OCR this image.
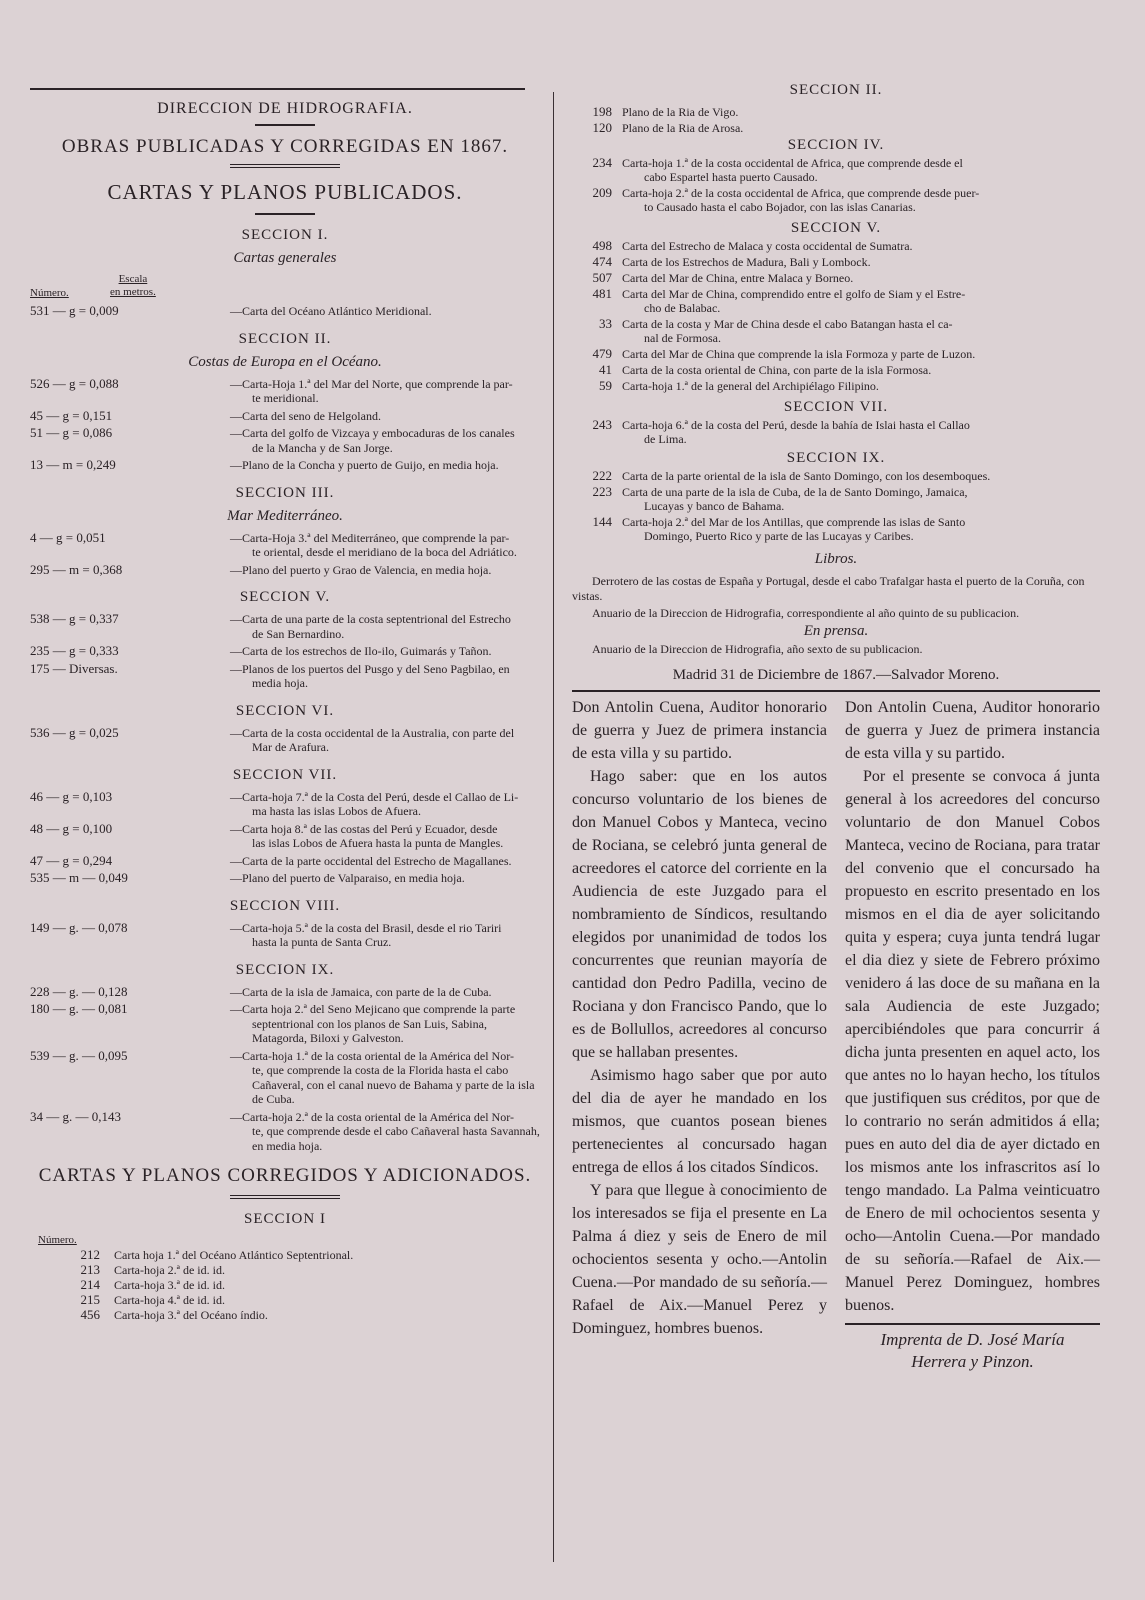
DIRECCION DE HIDROGRAFIA.
OBRAS PUBLICADAS Y CORREGIDAS EN 1867.
CARTAS Y PLANOS PUBLICADOS.
SECCION I.
Cartas generales
Número.
Escala
en metros.
531 — g = 0,009	—Carta del Océano Atlántico Meridional.
SECCION II.
Costas de Europa en el Océano.
526 — g = 0,088	—Carta-Hoja 1.ª del Mar del Norte, que comprende la par-
te meridional.
45 — g = 0,151	—Carta del seno de Helgoland.
51 — g = 0,086	—Carta del golfo de Vizcaya y embocaduras de los canales
de la Mancha y de San Jorge.
13 — m = 0,249	—Plano de la Concha y puerto de Guijo, en media hoja.
SECCION III.
Mar Mediterráneo.
4 — g = 0,051	—Carta-Hoja 3.ª del Mediterráneo, que comprende la par-
te oriental, desde el meridiano de la boca del Adriático.
295 — m = 0,368	—Plano del puerto y Grao de Valencia, en media hoja.
SECCION V.
538 — g = 0,337	—Carta de una parte de la costa septentrional del Estrecho
de San Bernardino.
235 — g = 0,333	—Carta de los estrechos de Ilo-ilo, Guimarás y Tañon.
175 — Diversas.	—Planos de los puertos del Pusgo y del Seno Pagbilao, en
media hoja.
SECCION VI.
536 — g = 0,025	—Carta de la costa occidental de la Australia, con parte del
Mar de Arafura.
SECCION VII.
46 — g = 0,103	—Carta-hoja 7.ª de la Costa del Perú, desde el Callao de Li-
ma hasta las islas Lobos de Afuera.
48 — g = 0,100	—Carta hoja 8.ª de las costas del Perú y Ecuador, desde
las islas Lobos de Afuera hasta la punta de Mangles.
47 — g = 0,294	—Carta de la parte occidental del Estrecho de Magallanes.
535 — m — 0,049	—Plano del puerto de Valparaiso, en media hoja.
SECCION VIII.
149 — g. — 0,078	—Carta-hoja 5.ª de la costa del Brasil, desde el rio Tariri
hasta la punta de Santa Cruz.
SECCION IX.
228 — g. — 0,128	—Carta de la isla de Jamaica, con parte de la de Cuba.
180 — g. — 0,081	—Carta hoja 2.ª del Seno Mejicano que comprende la parte
septentrional con los planos de San Luis, Sabina, Matagorda, Biloxi y Galveston.
539 — g. — 0,095	—Carta-hoja 1.ª de la costa oriental de la América del Nor-
te, que comprende la costa de la Florida hasta el cabo Cañaveral, con el canal nuevo de Bahama y parte de la isla de Cuba.
34 — g. — 0,143	—Carta-hoja 2.ª de la costa oriental de la América del Nor-
te, que comprende desde el cabo Cañaveral hasta Savannah, en media hoja.
CARTAS Y PLANOS CORREGIDOS Y ADICIONADOS.
SECCION I
Número.
212	Carta hoja 1.ª del Océano Atlántico Septentrional.
213	Carta-hoja 2.ª de id. id.
214	Carta-hoja 3.ª de id. id.
215	Carta-hoja 4.ª de id. id.
456	Carta-hoja 3.ª del Océano índio.
SECCION II.
198 Plano de la Ria de Vigo.
120 Plano de la Ria de Arosa.
SECCION IV.
234 Carta-hoja 1.ª de la costa occidental de Africa, que comprende desde el
cabo Espartel hasta puerto Causado.
209 Carta-hoja 2.ª de la costa occidental de Africa, que comprende desde puer-
to Causado hasta el cabo Bojador, con las islas Canarias.
SECCION V.
498 Carta del Estrecho de Malaca y costa occidental de Sumatra.
474 Carta de los Estrechos de Madura, Bali y Lombock.
507 Carta del Mar de China, entre Malaca y Borneo.
481 Carta del Mar de China, comprendido entre el golfo de Siam y el Estre-
cho de Balabac.
33 Carta de la costa y Mar de China desde el cabo Batangan hasta el ca-
nal de Formosa.
479 Carta del Mar de China que comprende la isla Formoza y parte de Luzon.
41 Carta de la costa oriental de China, con parte de la isla Formosa.
59 Carta-hoja 1.ª de la general del Archipiélago Filipino.
SECCION VII.
243 Carta-hoja 6.ª de la costa del Perú, desde la bahía de Islai hasta el Callao
de Lima.
SECCION IX.
222 Carta de la parte oriental de la isla de Santo Domingo, con los desemboques.
223 Carta de una parte de la isla de Cuba, de la de Santo Domingo, Jamaica,
Lucayas y banco de Bahama.
144 Carta-hoja 2.ª del Mar de los Antillas, que comprende las islas de Santo
Domingo, Puerto Rico y parte de las Lucayas y Caribes.
Libros.
Derrotero de las costas de España y Portugal, desde el cabo Trafalgar hasta el puerto de la Coruña, con vistas.
Anuario de la Direccion de Hidrografia, correspondiente al año quinto de su publicacion.
En prensa.
Anuario de la Direccion de Hidrografia, año sexto de su publicacion.
Madrid 31 de Diciembre de 1867.—Salvador Moreno.

Don Antolin Cuena, Auditor honorario de guerra y Juez de primera instancia de esta villa y su partido.

Hago saber: que en los autos concurso voluntario de los bienes de don Manuel Cobos y Manteca, vecino de Rociana, se celebró junta general de acreedores el catorce del corriente en la Audiencia de este Juzgado para el nombramiento de Síndicos, resultando elegidos por unanimidad de todos los concurrentes que reunian mayoría de cantidad don Pedro Padilla, vecino de Rociana y don Francisco Pando, que lo es de Bollullos, acreedores al concurso que se hallaban presentes.

Asimismo hago saber que por auto del dia de ayer he mandado en los mismos, que cuantos posean bienes pertenecientes al concursado hagan entrega de ellos á los citados Síndicos.

Y para que llegue à conocimiento de los interesados se fija el presente en La Palma á diez y seis de Enero de mil ochocientos sesenta y ocho.—Antolin Cuena.—Por mandado de su señoría.—Rafael de Aix.—Manuel Perez y Dominguez, hombres buenos.

Don Antolin Cuena, Auditor honorario de guerra y Juez de primera instancia de esta villa y su partido.

Por el presente se convoca á junta general à los acreedores del concurso voluntario de don Manuel Cobos Manteca, vecino de Rociana, para tratar del convenio que el concursado ha propuesto en escrito presentado en los mismos en el dia de ayer solicitando quita y espera; cuya junta tendrá lugar el dia diez y siete de Febrero próximo venidero á las doce de su mañana en la sala Audiencia de este Juzgado; apercibiéndoles que para concurrir á dicha junta presenten en aquel acto, los que antes no lo hayan hecho, los títulos que justifiquen sus créditos, por que de lo contrario no serán admitidos á ella; pues en auto del dia de ayer dictado en los mismos ante los infrascritos así lo tengo mandado. La Palma veinticuatro de Enero de mil ochocientos sesenta y ocho—Antolin Cuena.—Por mandado de su señoría.—Rafael de Aix.—Manuel Perez Dominguez, hombres buenos.

Imprenta de D. José María
Herrera y Pinzon.
